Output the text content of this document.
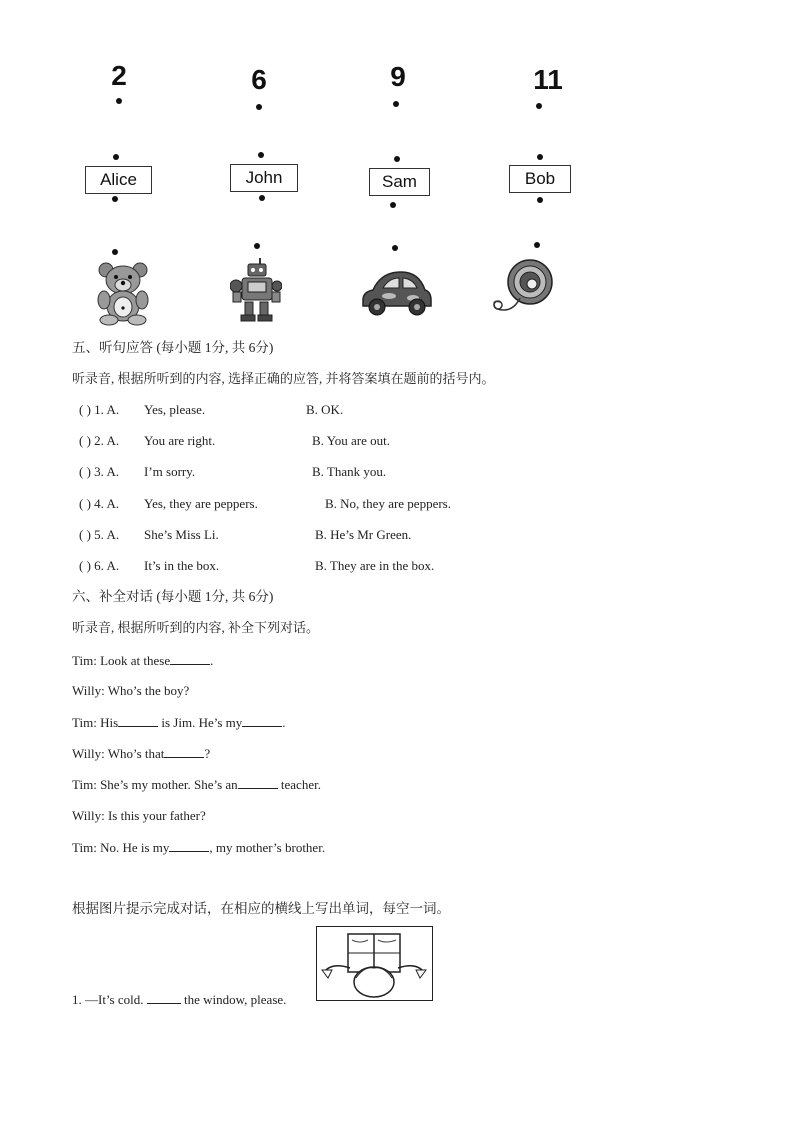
2	6	9	11
Alice	John	Sam	Bob
五、听句应答 (每小题 1分, 共 6分)
听录音, 根据所听到的内容, 选择正确的应答, 并将答案填在题前的括号内。
( ) 1. A. Yes, please.	B. OK.
( ) 2. A. You are right.	B. You are out.
( ) 3. A. I’m sorry.	B. Thank you.
( ) 4. A. Yes, they are peppers.	B. No, they are peppers.
( ) 5. A. She’s Miss Li.	B. He’s Mr Green.
( ) 6. A. It’s in the box.	B. They are in the box.
六、补全对话 (每小题 1分, 共 6分)
听录音, 根据所听到的内容, 补全下列对话。
Tim: Look at these	.
Willy: Who’s the boy?
Tim: His	is Jim. He’s my	.
Willy: Who’s that	?
Tim: She’s my mother. She’s an	teacher.
Willy: Is this your father?
Tim: No. He is my	, my mother’s brother.
根据图片提示完成对话，在相应的横线上写出单词，每空一词。
1. —It’s cold.	the window, please.
